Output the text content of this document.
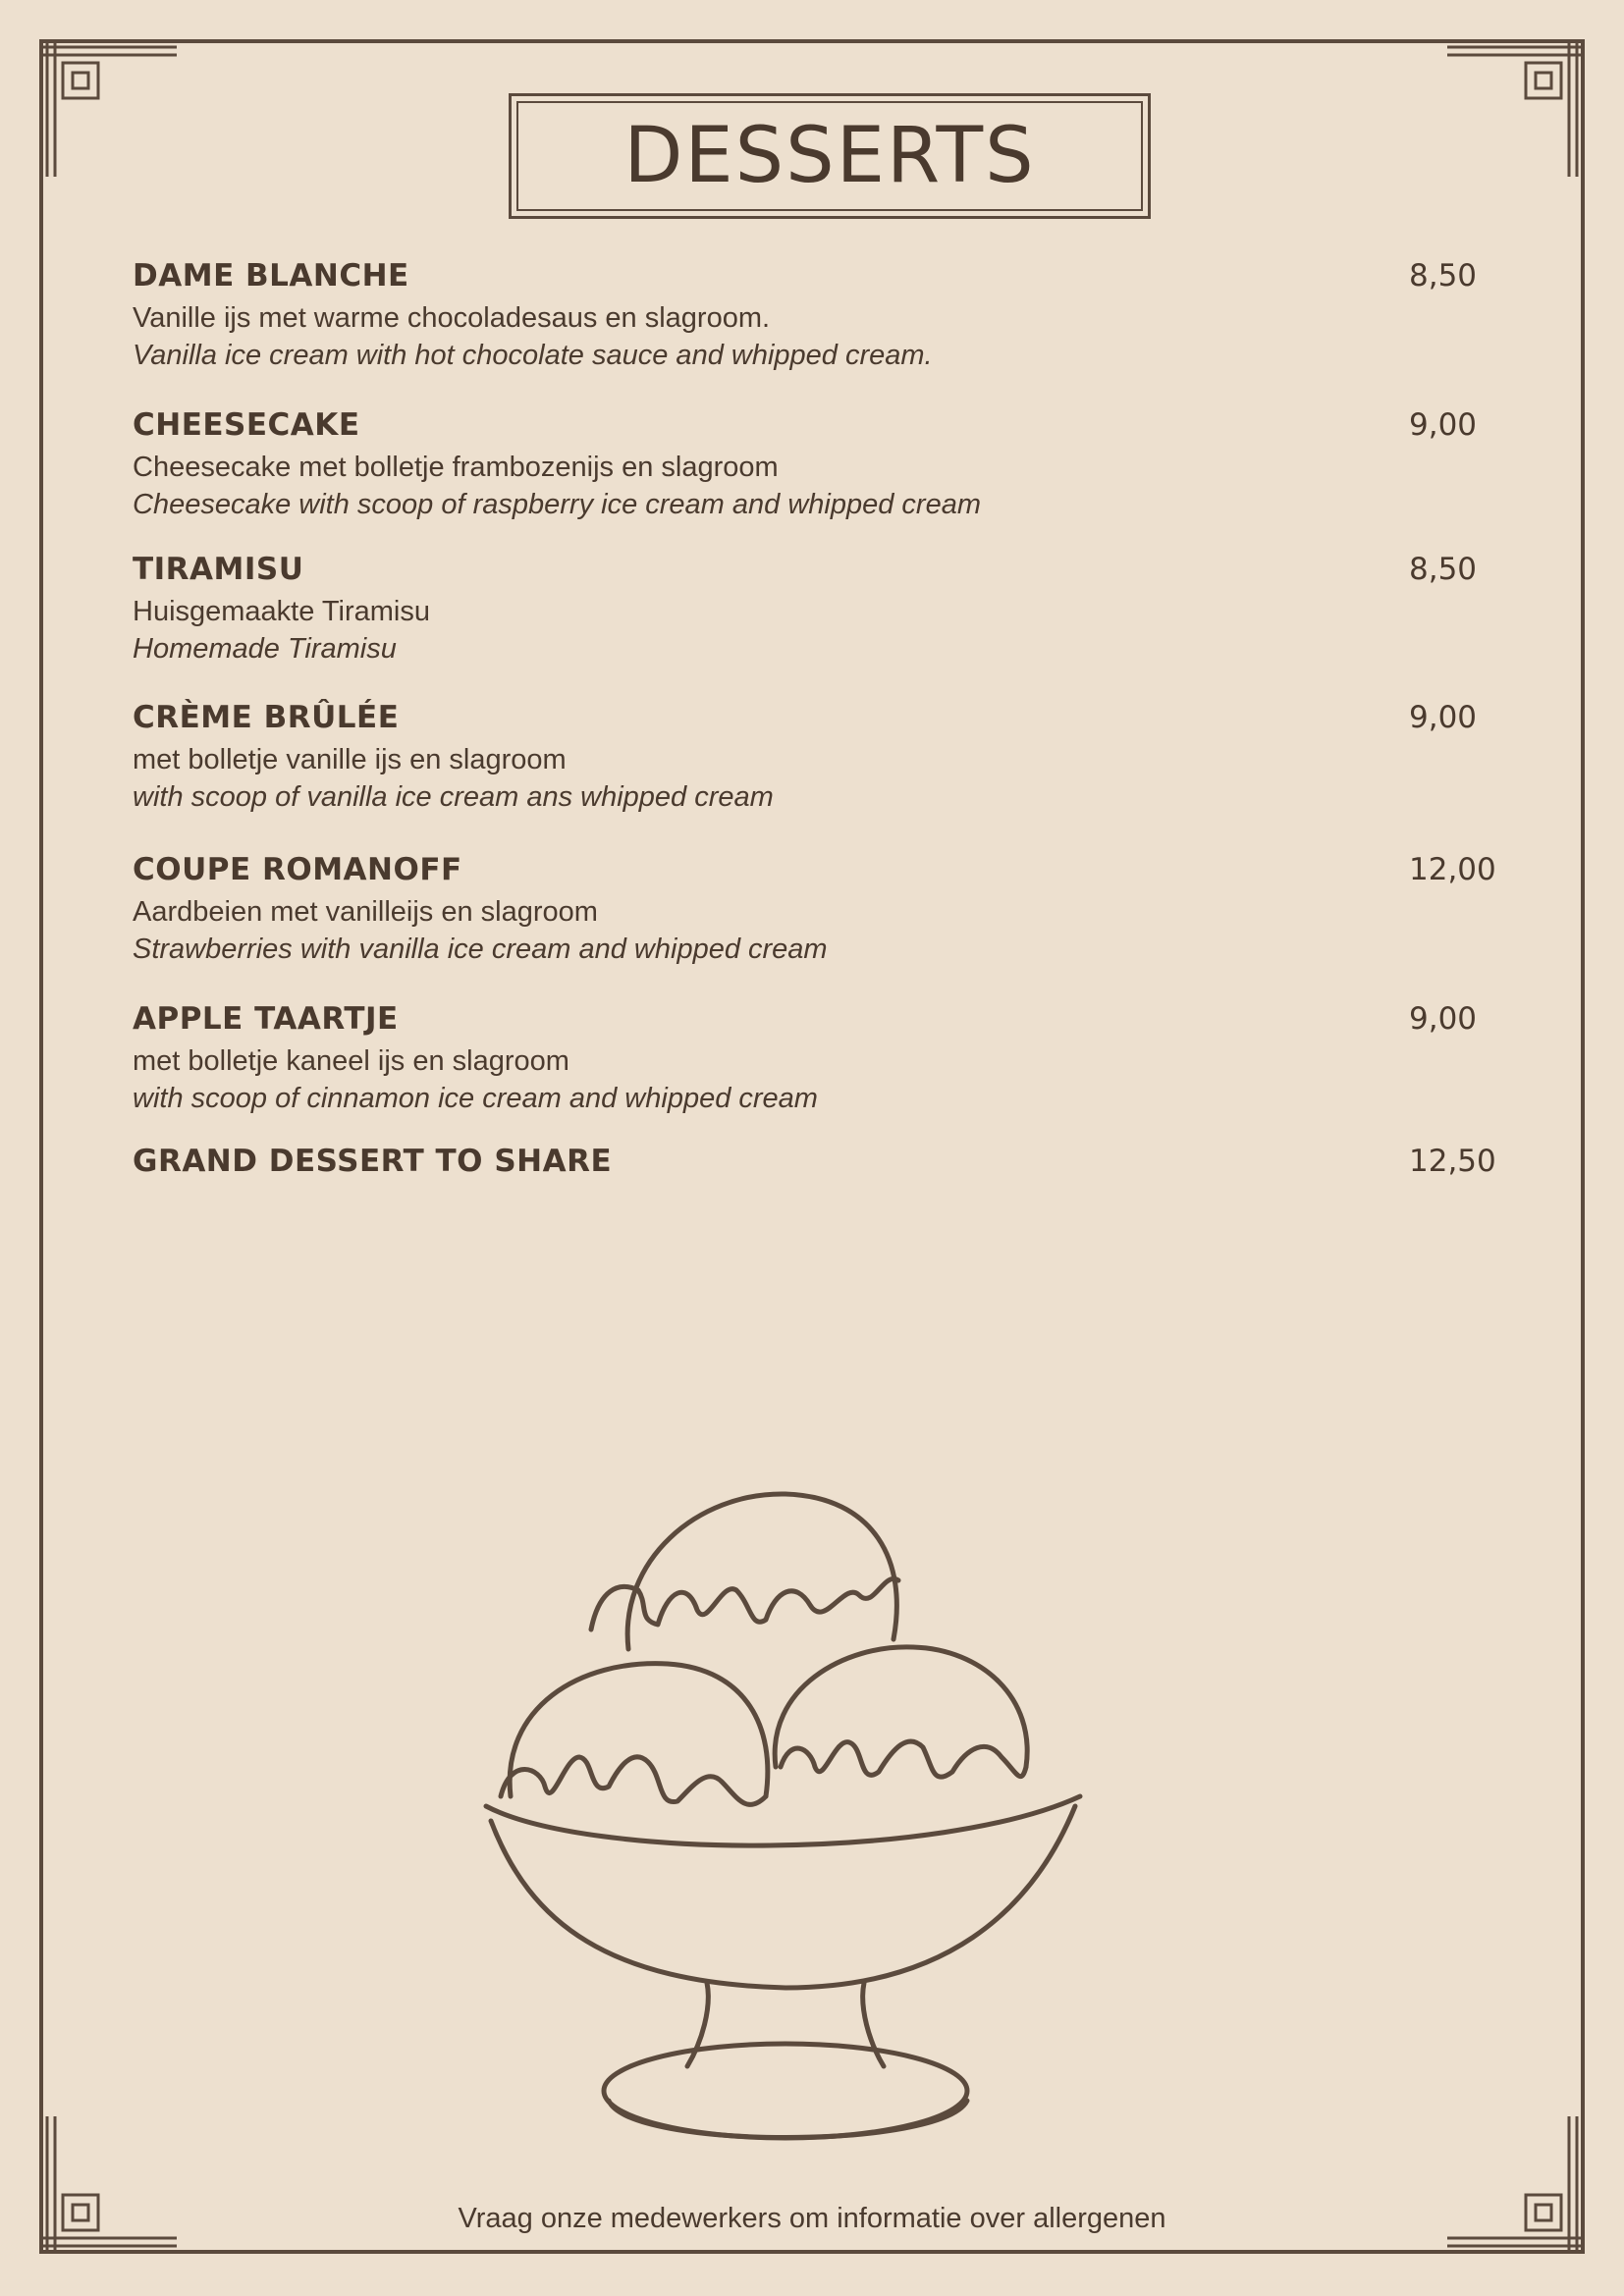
DESSERTS
DAME BLANCHE	8,50
Vanille ijs met warme chocoladesaus en slagroom.
Vanilla ice cream with hot chocolate sauce and whipped cream.
CHEESECAKE	9,00
Cheesecake met bolletje frambozenijs en slagroom
Cheesecake with scoop of raspberry ice cream and whipped cream
TIRAMISU	8,50
Huisgemaakte Tiramisu
Homemade Tiramisu
CRÈME BRÛLÉE	9,00
met bolletje vanille ijs en slagroom
with scoop of vanilla ice cream ans whipped cream
COUPE ROMANOFF	12,00
Aardbeien met vanilleijs en slagroom
Strawberries with vanilla ice cream and whipped cream
APPLE TAARTJE	9,00
met bolletje kaneel ijs en slagroom
with scoop of cinnamon ice cream and whipped cream
GRAND DESSERT TO SHARE	12,50
Vraag onze medewerkers om informatie over allergenen
